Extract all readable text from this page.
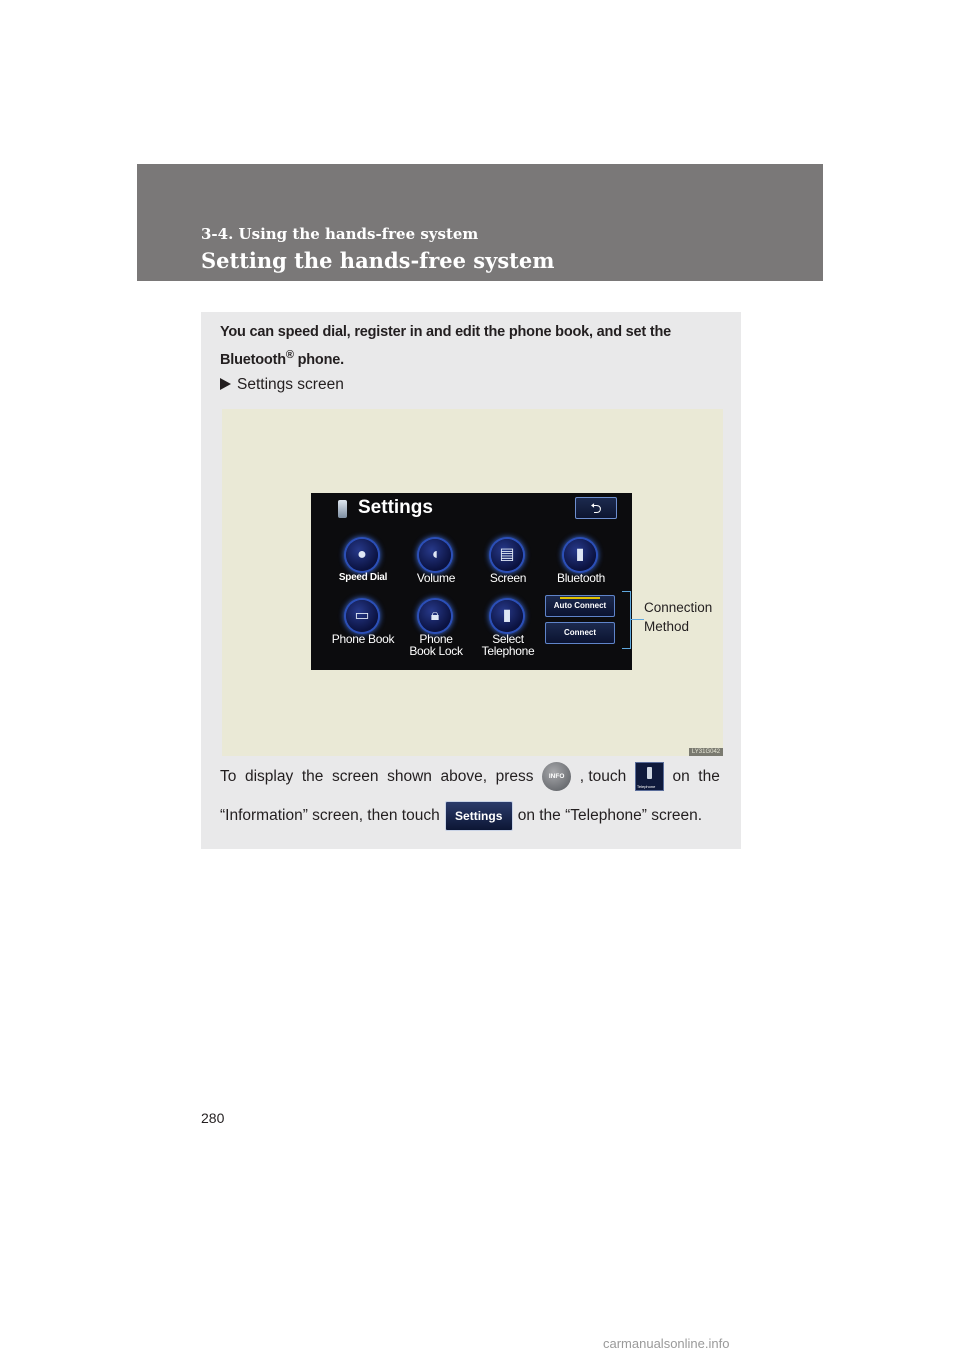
3-4. Using the hands-free system
Setting the hands-free system
You can speed dial, register in and edit the phone book, and set the Bluetooth® phone.
Settings screen
Settings	⮌
●
Speed Dial
◖
Volume
▤
Screen
▮
Bluetooth
▭
Phone Book
🔒︎
Phone Book Lock
▮
Select Telephone
Auto Connect
Connect
Connection
Method
LY31G042
To display the screen shown above, press	INFO , touch
Telephone
on the
“Information” screen, then touch	Settings on the “Telephone” screen.
280
carmanualsonline.info
